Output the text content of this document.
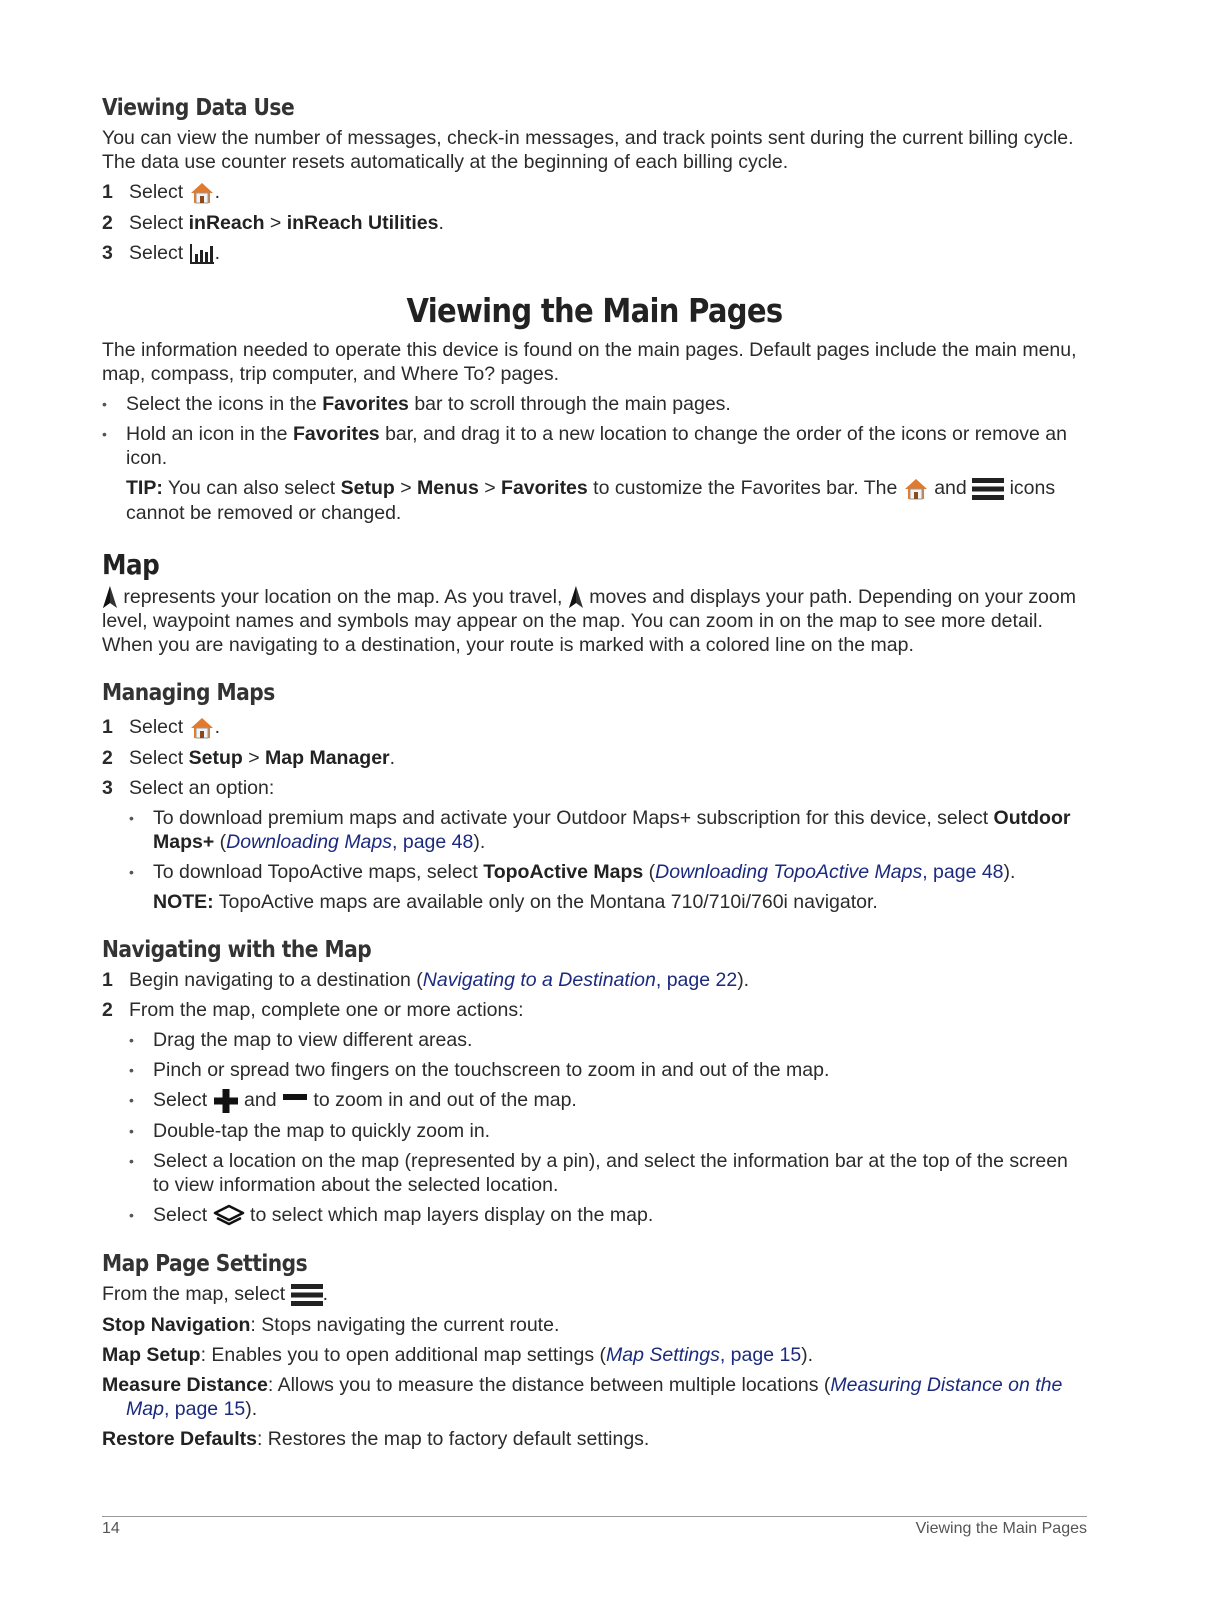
Viewing Data Use

You can view the number of messages, check-in messages, and track points sent during the current billing cycle. The data use counter resets automatically at the beginning of each billing cycle.

1 Select .
2 Select inReach > inReach Utilities.
3 Select .
Viewing the Main Pages

The information needed to operate this device is found on the main pages. Default pages include the main menu, map, compass, trip computer, and Where To? pages.

• Select the icons in the Favorites bar to scroll through the main pages.
• Hold an icon in the Favorites bar, and drag it to a new location to change the order of the icons or remove an icon.
TIP: You can also select Setup > Menus > Favorites to customize the Favorites bar. The  and  icons cannot be removed or changed.
Map

represents your location on the map. As you travel,  moves and displays your path. Depending on your zoom level, waypoint names and symbols may appear on the map. You can zoom in on the map to see more detail. When you are navigating to a destination, your route is marked with a colored line on the map.

Managing Maps
1 Select .
2 Select Setup > Map Manager.
3 Select an option:
• To download premium maps and activate your Outdoor Maps+ subscription for this device, select Outdoor Maps+ (Downloading Maps, page 48).
• To download TopoActive maps, select TopoActive Maps (Downloading TopoActive Maps, page 48).
NOTE: TopoActive maps are available only on the Montana 710/710i/760i navigator.
Navigating with the Map
1 Begin navigating to a destination (Navigating to a Destination, page 22).
2 From the map, complete one or more actions:
• Drag the map to view different areas.
• Pinch or spread two fingers on the touchscreen to zoom in and out of the map.
• Select  and  to zoom in and out of the map.
• Double-tap the map to quickly zoom in.
• Select a location on the map (represented by a pin), and select the information bar at the top of the screen to view information about the selected location.
• Select  to select which map layers display on the map.
Map Page Settings

From the map, select .

Stop Navigation: Stops navigating the current route.
Map Setup: Enables you to open additional map settings (Map Settings, page 15).
Measure Distance: Allows you to measure the distance between multiple locations (Measuring Distance on the Map, page 15).
Restore Defaults: Restores the map to factory default settings.
14	Viewing the Main Pages
